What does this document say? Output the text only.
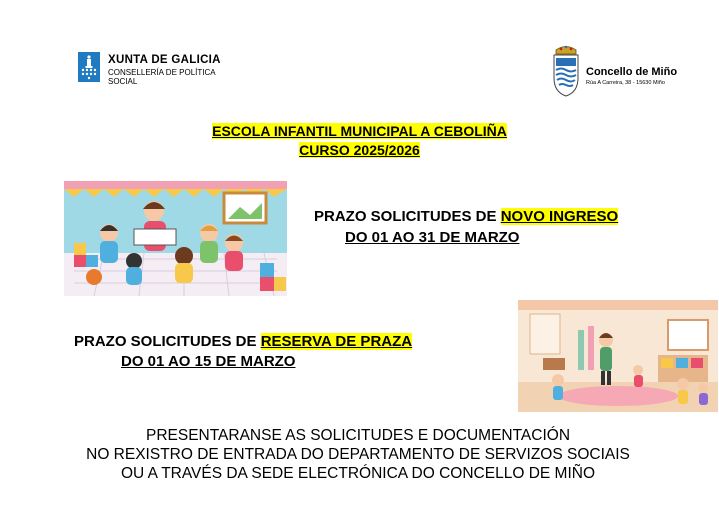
XUNTA DE GALICIA
CONSELLERÍA DE POLÍTICA
SOCIAL
Concello de Miño
Rúa A Carreira, 38 - 15630 Miño
ESCOLA INFANTIL MUNICIPAL A CEBOLIÑA
CURSO 2025/2026
PRAZO SOLICITUDES DE NOVO INGRESO
DO 01 AO 31 DE MARZO
PRAZO SOLICITUDES DE RESERVA DE PRAZA
DO 01 AO 15 DE MARZO
PRESENTARANSE AS SOLICITUDES E DOCUMENTACIÓN
NO REXISTRO DE ENTRADA DO DEPARTAMENTO DE SERVIZOS SOCIAIS
OU A TRAVÉS DA SEDE ELECTRÓNICA DO CONCELLO DE MIÑO
